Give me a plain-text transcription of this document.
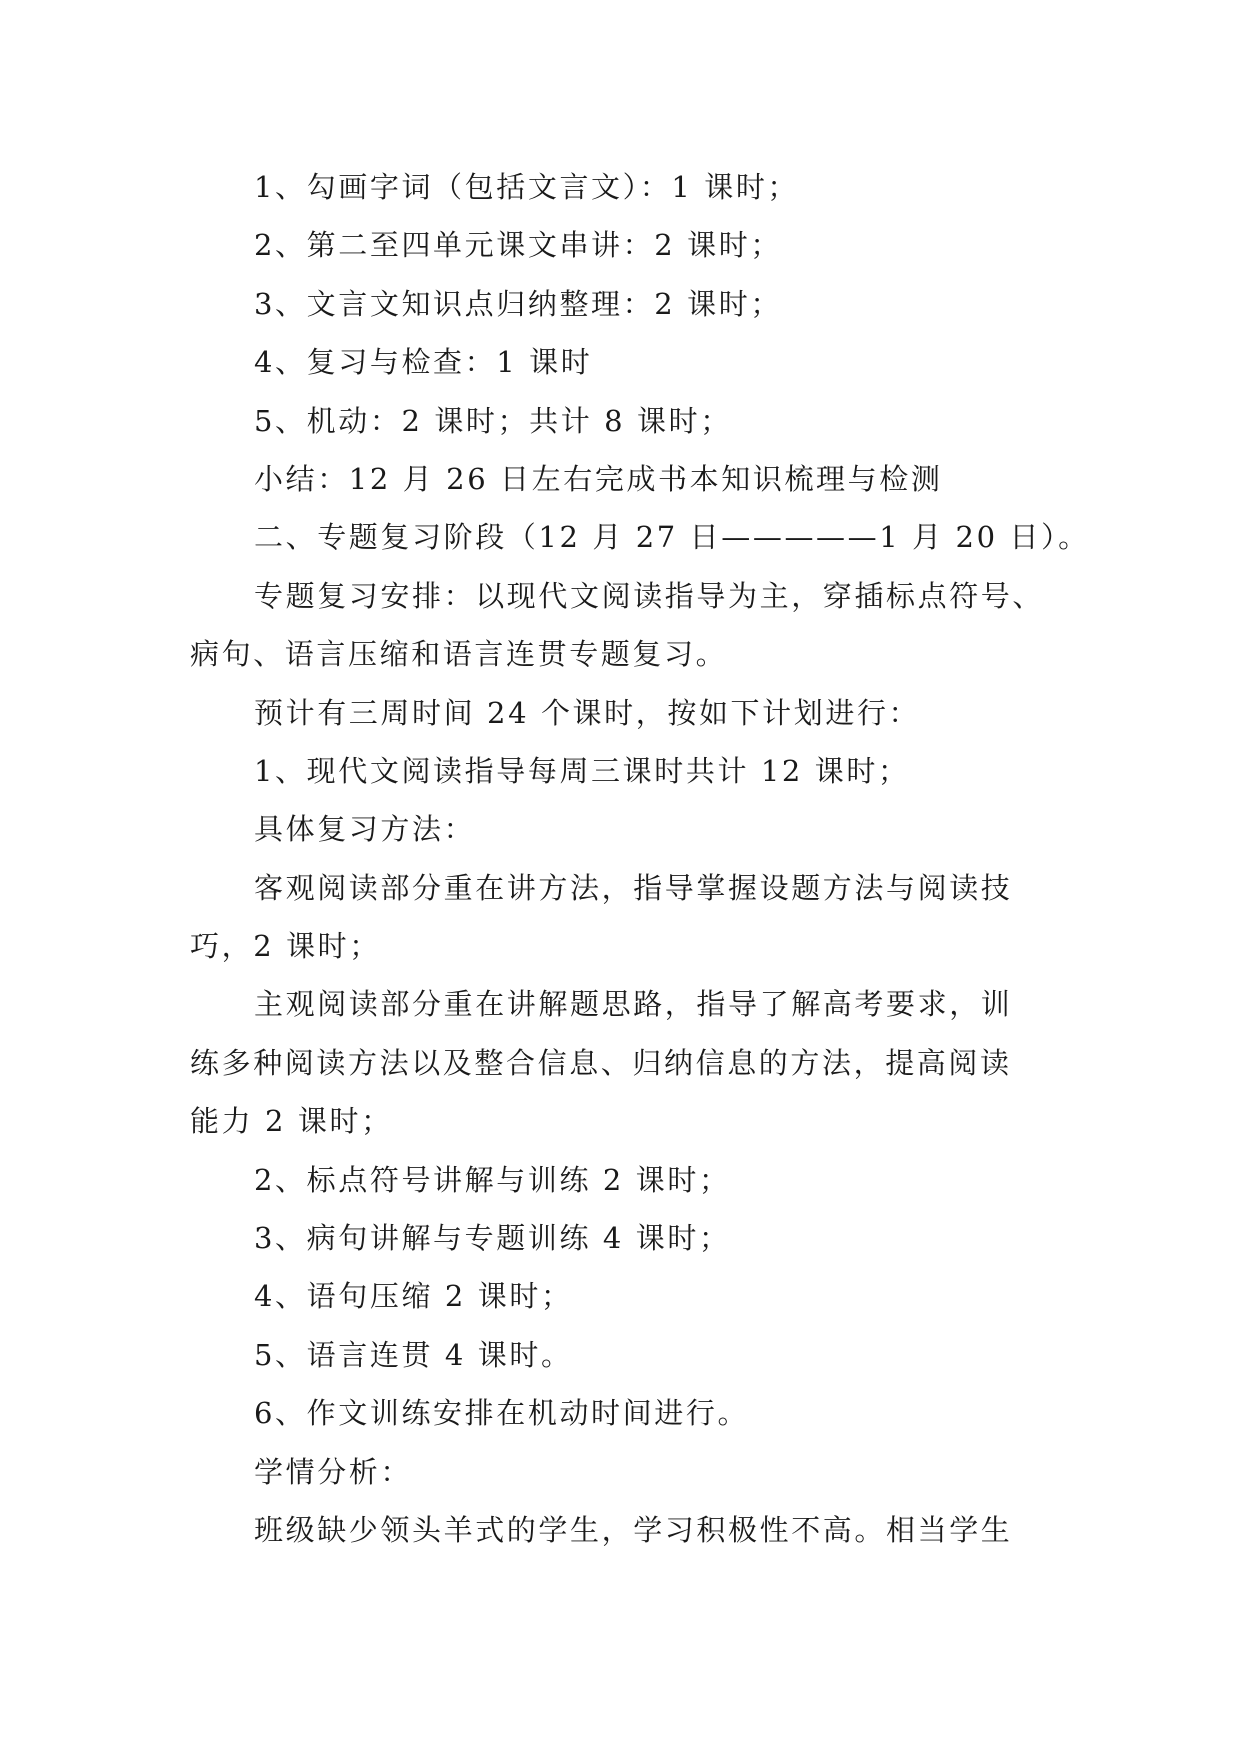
1、勾画字词（包括文言文）：1 课时；
2、第二至四单元课文串讲：2 课时；
3、文言文知识点归纳整理：2 课时；
4、复习与检查：1 课时
5、机动：2 课时；共计 8 课时；
小结：12 月 26 日左右完成书本知识梳理与检测
二、专题复习阶段（12 月 27 日—————1 月 20 日）。
专题复习安排：以现代文阅读指导为主，穿插标点符号、
病句、语言压缩和语言连贯专题复习。
预计有三周时间 24 个课时，按如下计划进行：
1、现代文阅读指导每周三课时共计 12 课时；
具体复习方法：
客观阅读部分重在讲方法，指导掌握设题方法与阅读技
巧，2 课时；
主观阅读部分重在讲解题思路，指导了解高考要求，训
练多种阅读方法以及整合信息、归纳信息的方法，提高阅读
能力 2 课时；
2、标点符号讲解与训练 2 课时；
3、病句讲解与专题训练 4 课时；
4、语句压缩 2 课时；
5、语言连贯 4 课时。
6、作文训练安排在机动时间进行。
学情分析：
班级缺少领头羊式的学生，学习积极性不高。相当学生
